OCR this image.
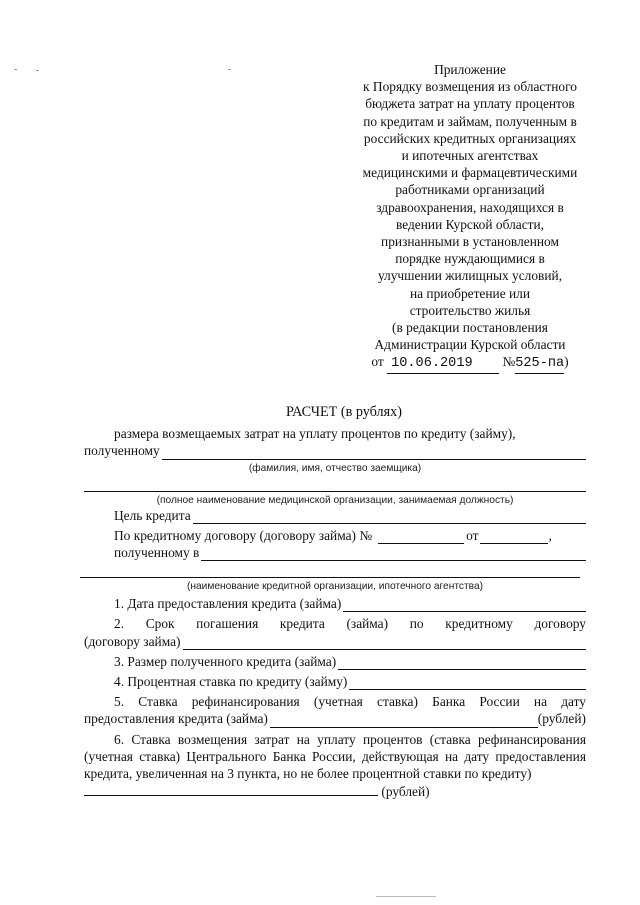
Приложение
к Порядку возмещения из областного
бюджета затрат на уплату процентов
по кредитам и займам, полученным в
российских кредитных организациях
и ипотечных агентствах
медицинскими и фармацевтическими
работниками организаций
здравоохранения, находящихся в
ведении Курской области,
признанными в установленном
порядке нуждающимися в
улучшении жилищных условий,
на приобретение или
строительство жилья
(в редакции постановления
Администрации Курской области
от 10.06.2019 №525-па)
РАСЧЕТ (в рублях)
размера возмещаемых затрат на уплату процентов по кредиту (займу),
полученному
(фамилия, имя, отчество заемщика)
(полное наименование медицинской организации, занимаемая должность)
Цель кредита
По кредитному договору (договору займа) №	от	,
полученному в
(наименование кредитной организации, ипотечного агентства)
1. Дата предоставления кредита (займа)
2. Срок погашения кредита (займа) по кредитному договору
(договору займа)
3. Размер полученного кредита (займа)
4. Процентная ставка по кредиту (займу)
5. Ставка рефинансирования (учетная ставка) Банка России на дату
предоставления кредита (займа)	(рублей)
6. Ставка возмещения затрат на уплату процентов (ставка рефинансирования (учетная ставка) Центрального Банка России, действующая на дату предоставления кредита, увеличенная на 3 пункта, но не более процентной ставки по кредиту)
(рублей)
